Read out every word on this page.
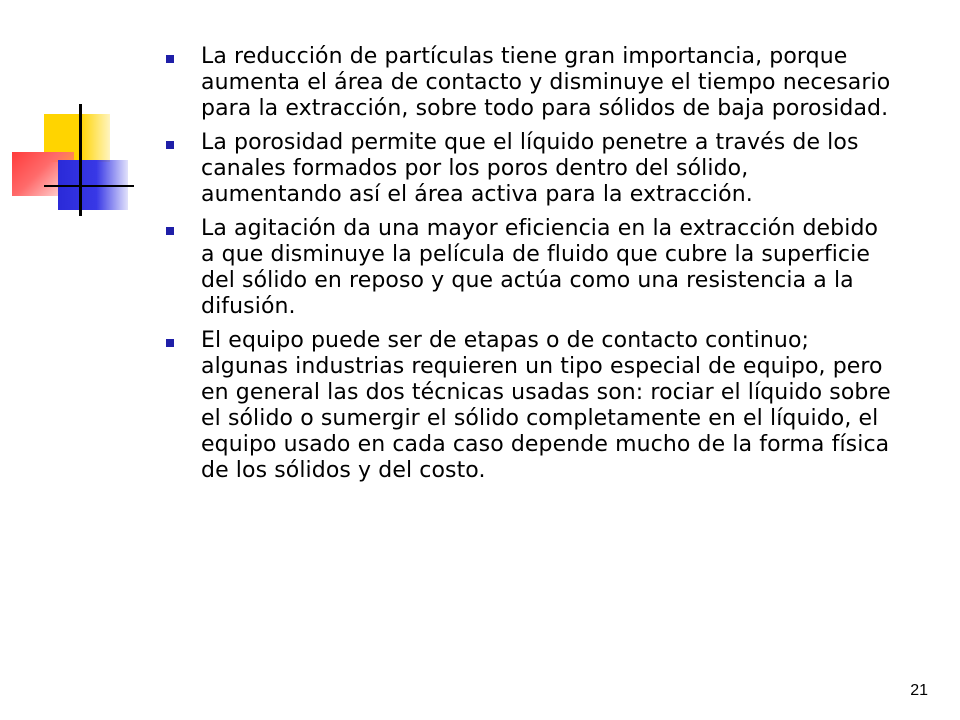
La reducción de partículas tiene gran importancia, porque aumenta el área de contacto y disminuye el tiempo necesario para la extracción, sobre todo para sólidos de baja porosidad.
La porosidad permite que el líquido penetre a través de los canales formados por los poros dentro del sólido, aumentando así el área activa para la extracción.
La agitación da una mayor eficiencia en la extracción debido a que disminuye la película de fluido que cubre la superficie del sólido en reposo y que actúa como una resistencia a la difusión.
El equipo puede ser de etapas o de contacto continuo; algunas industrias requieren un tipo especial de equipo, pero en general las dos técnicas usadas son: rociar el líquido sobre el sólido o sumergir el sólido completamente en el líquido, el equipo usado en cada caso depende mucho de la forma física de los sólidos y del costo.
21
